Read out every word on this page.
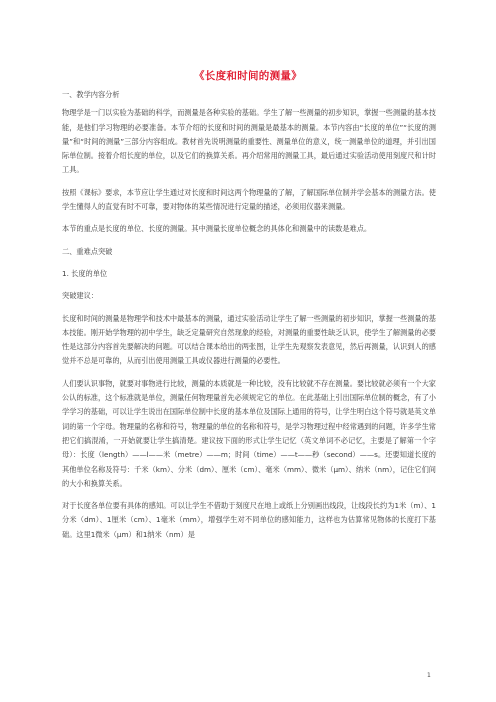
《长度和时间的测量》
一、教学内容分析
物理学是一门以实验为基础的科学，而测量是各种实验的基础。学生了解一些测量的初步知识，掌握一些测量的基本技能，是他们学习物理的必要准备。本节介绍的长度和时间的测量是最基本的测量。本节内容由“长度的单位”“长度的测量”和“时间的测量”三部分内容组成。教材首先说明测量的重要性、测量单位的意义，统一测量单位的道理，并引出国际单位制。接着介绍长度的单位，以及它们的换算关系。再介绍常用的测量工具，最后通过实验活动使用刻度尺和计时工具。
按照《课标》要求，本节应让学生通过对长度和时间这两个物理量的了解，了解国际单位制并学会基本的测量方法。使学生懂得人的直觉有时不可靠，要对物体的某些情况进行定量的描述，必须用仪器来测量。
本节的重点是长度的单位、长度的测量。其中测量长度单位概念的具体化和测量中的读数是难点。
二、重难点突破
1. 长度的单位
突破建议：
长度和时间的测量是物理学和技术中最基本的测量，通过实验活动让学生了解一些测量的初步知识，掌握一些测量的基本技能。刚开始学物理的初中学生，缺乏定量研究自然现象的经验，对测量的重要性缺乏认识，使学生了解测量的必要性是这部分内容首先要解决的问题。可以结合课本给出的两张图，让学生先观察发表意见，然后再测量，认识到人的感觉并不总是可靠的，从而引出使用测量工具或仪器进行测量的必要性。
人们要认识事物，就要对事物进行比较，测量的本质就是一种比较，没有比较就不存在测量。要比较就必须有一个大家公认的标准，这个标准就是单位，测量任何物理量首先必须规定它的单位。在此基础上引出国际单位制的概念，有了小学学习的基础，可以让学生说出在国际单位制中长度的基本单位及国际上通用的符号，让学生明白这个符号就是英文单词的第一个字母。物理量的名称和符号，物理量的单位的名称和符号，是学习物理过程中经常遇到的问题，许多学生常把它们搞混淆，一开始就要让学生搞清楚。建议按下面的形式让学生记忆（英文单词不必记忆，主要是了解第一个字母）：长度（length）——l——米（metre）——m；时间（time）——t——秒（second）——s。还要知道长度的其他单位名称及符号：千米（km）、分米（dm）、厘米（cm）、毫米（mm）、微米（μm）、纳米（nm），记住它们间的大小和换算关系。
对于长度各单位要有具体的感知。可以让学生不借助于刻度尺在地上或纸上分别画出线段，让线段长约为1米（m）、1分米（dm）、1厘米（cm）、1毫米（mm），增强学生对不同单位的感知能力，这样也为估算常见物体的长度打下基础。这里1微米（μm）和1纳米（nm）是
1
